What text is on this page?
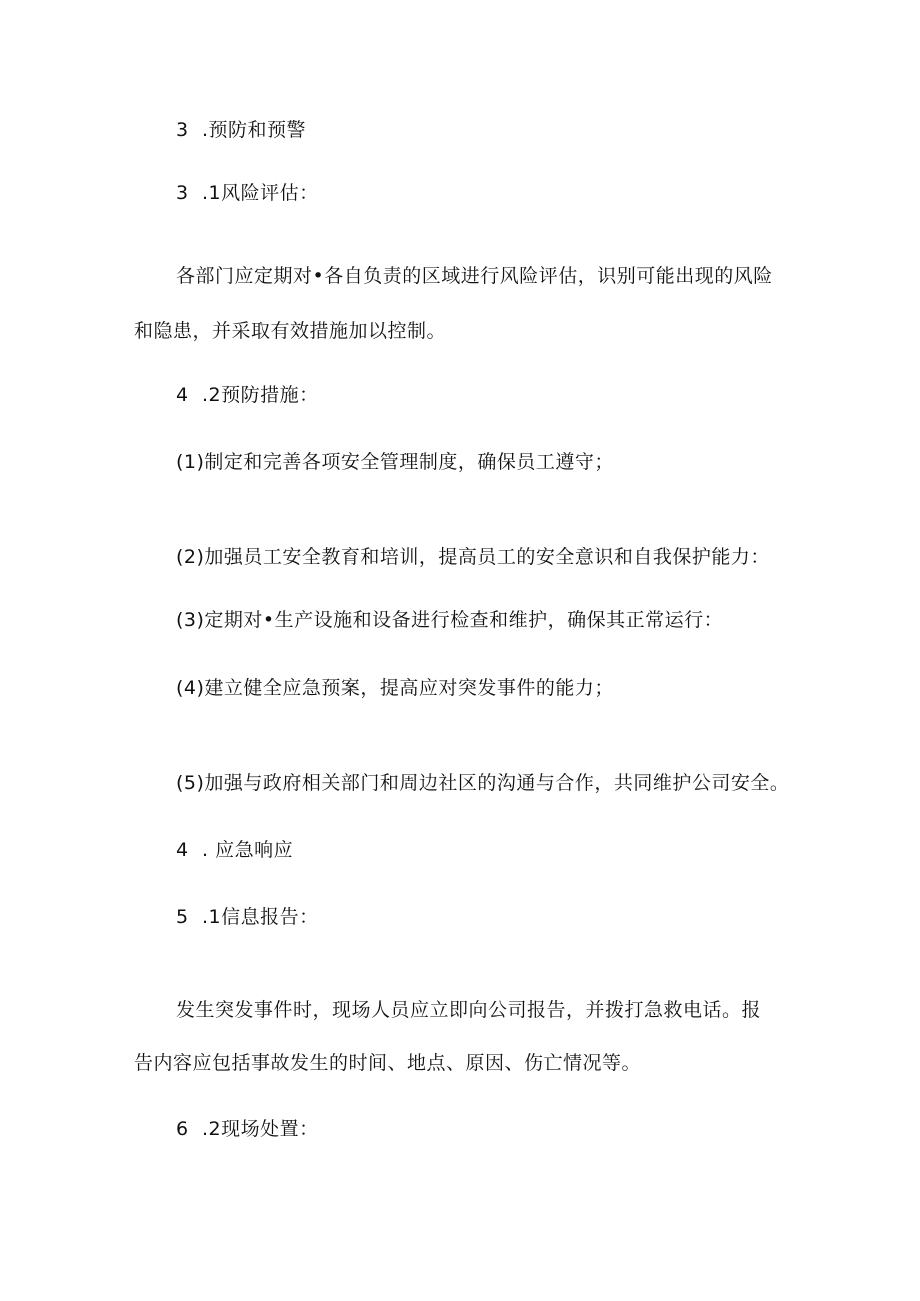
3 .预防和预警

3 .1风险评估：

各部门应定期对•各自负责的区域进行风险评估，识别可能出现的风险

和隐患，并采取有效措施加以控制。

4 .2预防措施：

(1)制定和完善各项安全管理制度，确保员工遵守；

(2)加强员工安全教育和培训，提高员工的安全意识和自我保护能力：

(3)定期对•生产设施和设备进行检查和维护，确保其正常运行：

(4)建立健全应急预案，提高应对突发事件的能力；

(5)加强与政府相关部门和周边社区的沟通与合作，共同维护公司安全。

4 . 应急响应

5 .1信息报告：

发生突发事件时，现场人员应立即向公司报告，并拨打急救电话。报

告内容应包括事故发生的时间、地点、原因、伤亡情况等。

6 .2现场处置：
